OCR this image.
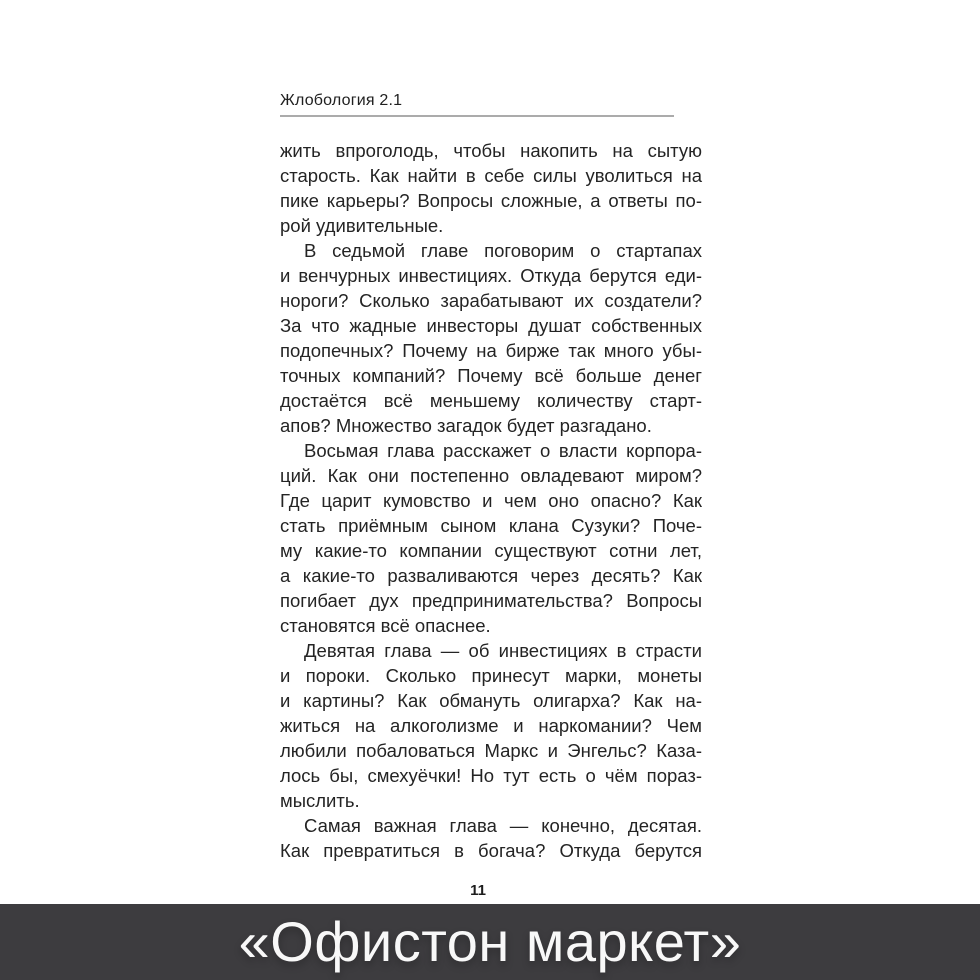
Жлобология 2.1
жить впроголодь, чтобы накопить на сытую
старость. Как найти в себе силы уволиться на
пике карьеры? Вопросы сложные, а ответы по-
рой удивительные.
В седьмой главе поговорим о стартапах
и венчурных инвестициях. Откуда берутся еди-
нороги? Сколько зарабатывают их создатели?
За что жадные инвесторы душат собственных
подопечных? Почему на бирже так много убы-
точных компаний? Почему всё больше денег
достаётся всё меньшему количеству старт-
апов? Множество загадок будет разгадано.
Восьмая глава расскажет о власти корпора-
ций. Как они постепенно овладевают миром?
Где царит кумовство и чем оно опасно? Как
стать приёмным сыном клана Сузуки? Поче-
му какие-то компании существуют сотни лет,
а какие-то разваливаются через десять? Как
погибает дух предпринимательства? Вопросы
становятся всё опаснее.
Девятая глава — об инвестициях в страсти
и пороки. Сколько принесут марки, монеты
и картины? Как обмануть олигарха? Как на-
житься на алкоголизме и наркомании? Чем
любили побаловаться Маркс и Энгельс? Каза-
лось бы, смехуёчки! Но тут есть о чём пораз-
мыслить.
Самая важная глава — конечно, десятая.
Как превратиться в богача? Откуда берутся
11
«Офистон маркет»
